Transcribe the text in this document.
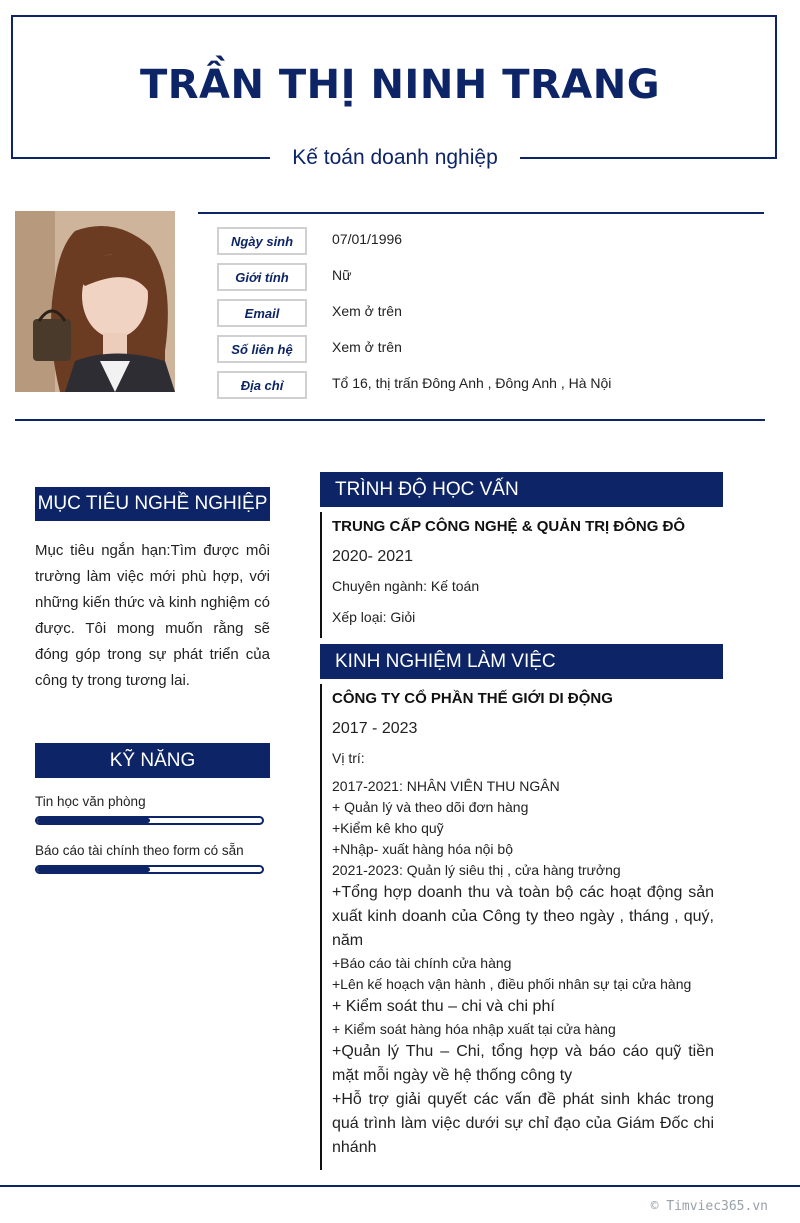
TRẦN THỊ NINH TRANG
Kế toán doanh nghiệp
Ngày sinh	07/01/1996
Giới tính	Nữ
Email	Xem ở trên
Số liên hệ	Xem ở trên
Địa chỉ	Tổ 16, thị trấn Đông Anh , Đông Anh , Hà Nội
MỤC TIÊU NGHỀ NGHIỆP
Mục tiêu ngắn hạn:Tìm được môi trường làm việc mới phù hợp, với những kiến thức và kinh nghiệm có được. Tôi mong muốn rằng sẽ đóng góp trong sự phát triển của công ty trong tương lai.
KỸ NĂNG
Tin học văn phòng
Báo cáo tài chính theo form có sẵn
TRÌNH ĐỘ HỌC VẤN
TRUNG CẤP CÔNG NGHỆ & QUẢN TRỊ ĐÔNG ĐÔ
2020- 2021
Chuyên ngành: Kế toán
Xếp loại: Giỏi
KINH NGHIỆM LÀM VIỆC
CÔNG TY CỔ PHẦN THẾ GIỚI DI ĐỘNG
2017 - 2023
Vị trí:
2017-2021: NHÂN VIÊN THU NGÂN
+ Quản lý và theo dõi đơn hàng
+Kiểm kê kho quỹ
+Nhập- xuất hàng hóa nội bộ
2021-2023: Quản lý siêu thị , cửa hàng trưởng
+Tổng hợp doanh thu và toàn bộ các hoạt động sản xuất kinh doanh của Công ty theo ngày , tháng , quý, năm
+Báo cáo tài chính cửa hàng
+Lên kế hoạch vận hành , điều phối nhân sự tại cửa hàng
+ Kiểm soát thu – chi và chi phí
+ Kiểm soát hàng hóa nhập xuất tại cửa hàng
+Quản lý Thu – Chi, tổng hợp và báo cáo quỹ tiền mặt mỗi ngày về hệ thống công ty
+Hỗ trợ giải quyết các vấn đề phát sinh khác trong quá trình làm việc dưới sự chỉ đạo của Giám Đốc chi nhánh
© Timviec365.vn
